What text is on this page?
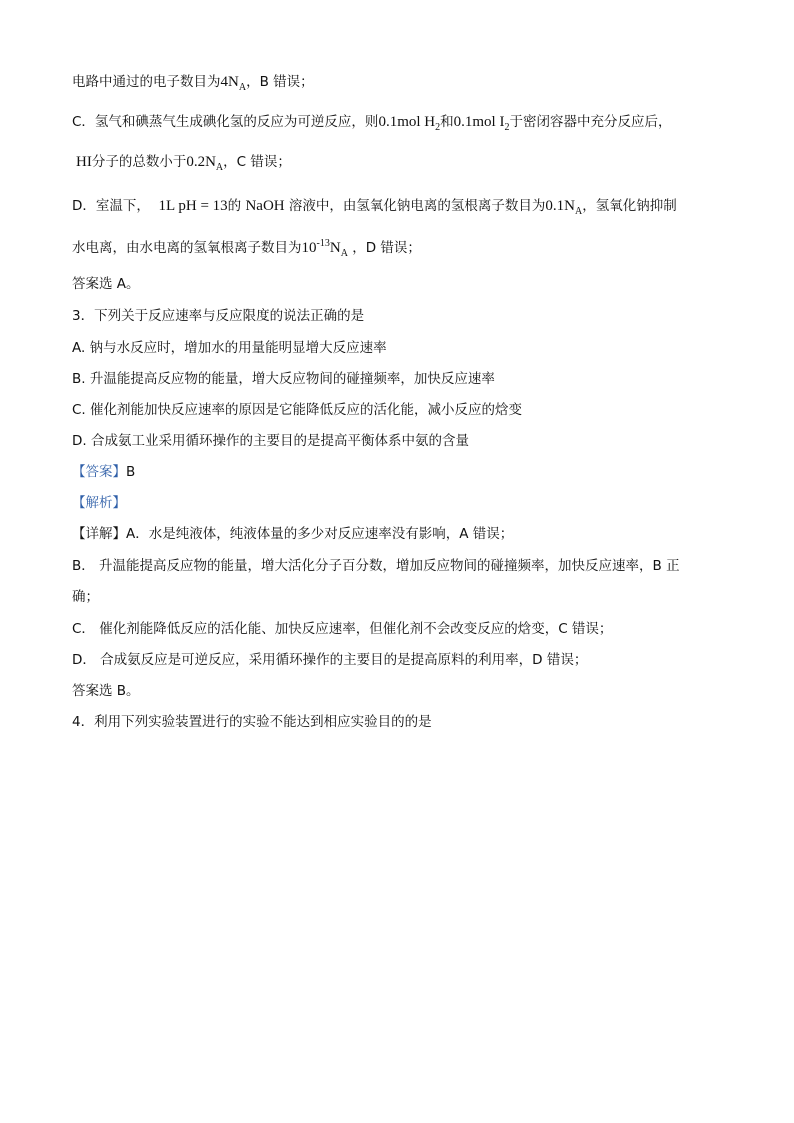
电路中通过的电子数目为$4N_A$，B 错误；
C．氢气和碘蒸气生成碘化氢的反应为可逆反应，则0.1mol $H_2$和0.1mol $I_2$于密闭容器中充分反应后，
HI分子的总数小于$0.2N_A$，C 错误；
D．室温下， 1L pH = 13的 NaOH 溶液中，由氢氧化钠电离的氢根离子数目为$0.1N_A$，氢氧化钠抑制
水电离，由水电离的氢氧根离子数目为$10^{-13}N_A$ ，D 错误；
答案选 A。
3．下列关于反应速率与反应限度的说法正确的是
A. 钠与水反应时，增加水的用量能明显增大反应速率
B. 升温能提高反应物的能量，增大反应物间的碰撞频率，加快反应速率
C. 催化剂能加快反应速率的原因是它能降低反应的活化能，减小反应的焓变
D. 合成氨工业采用循环操作的主要目的是提高平衡体系中氨的含量
【答案】B
【解析】
【详解】A．水是纯液体，纯液体量的多少对反应速率没有影响，A 错误；
B． 升温能提高反应物的能量，增大活化分子百分数，增加反应物间的碰撞频率，加快反应速率，B 正
确；
C． 催化剂能降低反应的活化能、加快反应速率，但催化剂不会改变反应的焓变，C 错误；
D． 合成氨反应是可逆反应，采用循环操作的主要目的是提高原料的利用率，D 错误；
答案选 B。
4．利用下列实验装置进行的实验不能达到相应实验目的的是
